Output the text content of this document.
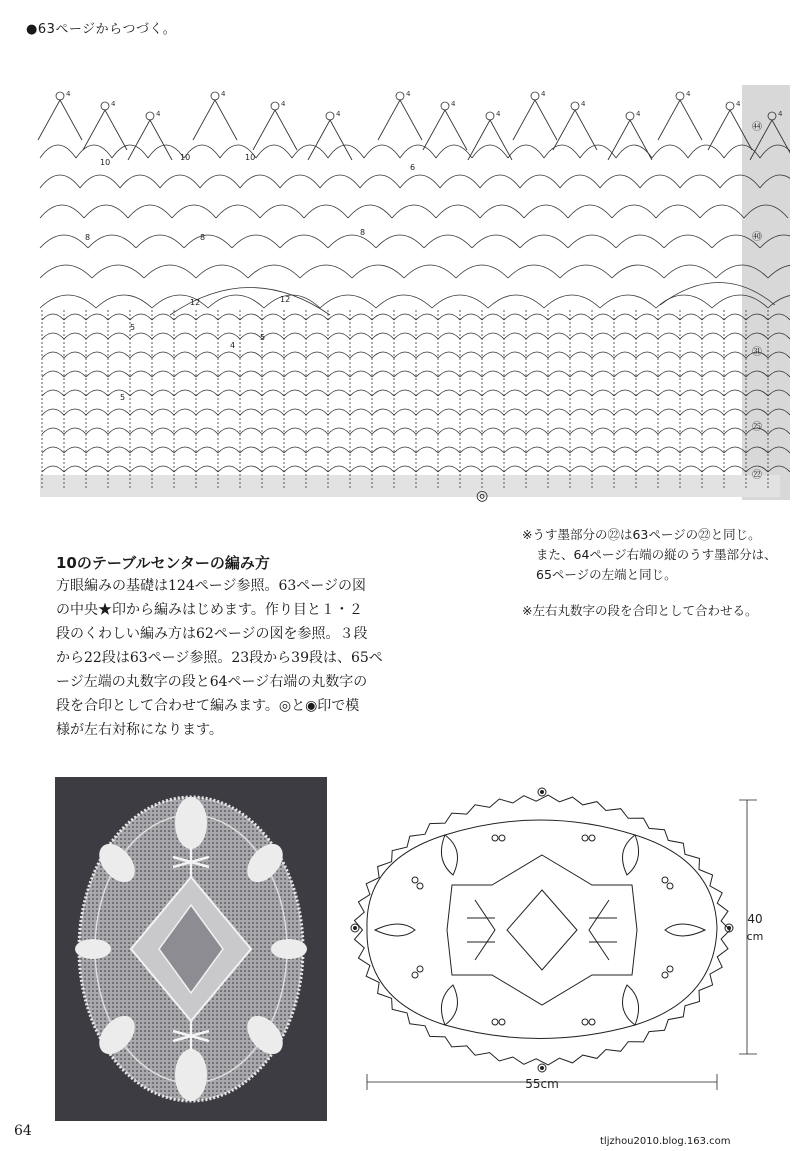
●63ページからつづく。
4
4
4
4
4
4
4
4
4
4
4
4
4
4
4
10
10	10
6
8	8
8
12	12
5
5
4
5
㊹
㊵
㉛
㉕
㉒
◎

※うす墨部分の㉒は63ページの㉒と同じ。

また、64ページ右端の縦のうす墨部分は、

65ページの左端と同じ。

※左右丸数字の段を合印として合わせる。

10のテーブルセンターの編み方

方眼編みの基礎は124ページ参照。63ページの図

の中央★印から編みはじめます。作り目と１・２

段のくわしい編み方は62ページの図を参照。３段

から22段は63ページ参照。23段から39段は、65ペ

ージ左端の丸数字の段と64ページ右端の丸数字の

段を合印として合わせて編みます。◎と◉印で模

様が左右対称になります。

40
cm
55cm
64
tljzhou2010.blog.163.com
